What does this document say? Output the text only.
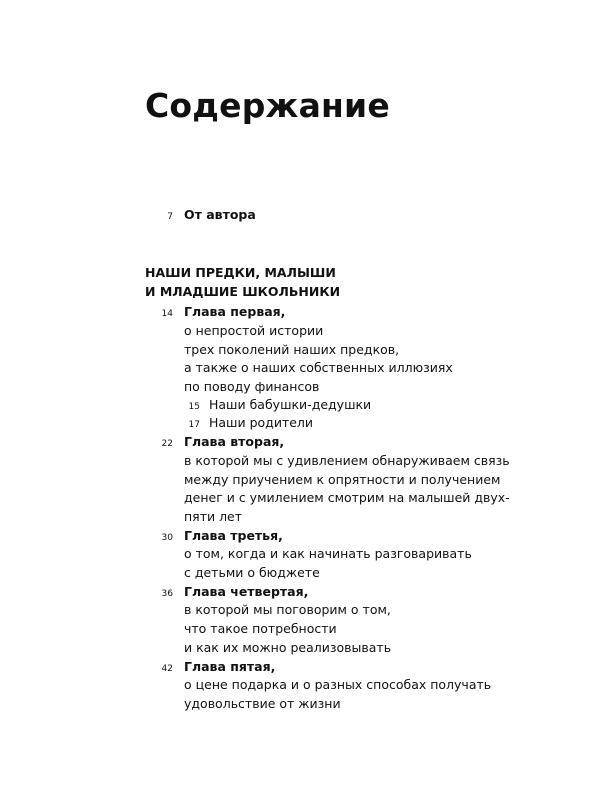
Содержание
7 От автора
НАШИ ПРЕДКИ, МАЛЫШИ
И МЛАДШИЕ ШКОЛЬНИКИ
14 Глава первая,
о непростой истории
трех поколений наших предков,
а также о наших собственных иллюзиях
по поводу финансов
15 Наши бабушки-дедушки
17 Наши родители
22 Глава вторая,
в которой мы с удивлением обнаруживаем связь
между приучением к опрятности и получением
денег и с умилением смотрим на малышей двух-
пяти лет
30 Глава третья,
о том, когда и как начинать разговаривать
с детьми о бюджете
36 Глава четвертая,
в которой мы поговорим о том,
что такое потребности
и как их можно реализовывать
42 Глава пятая,
о цене подарка и о разных способах получать
удовольствие от жизни
